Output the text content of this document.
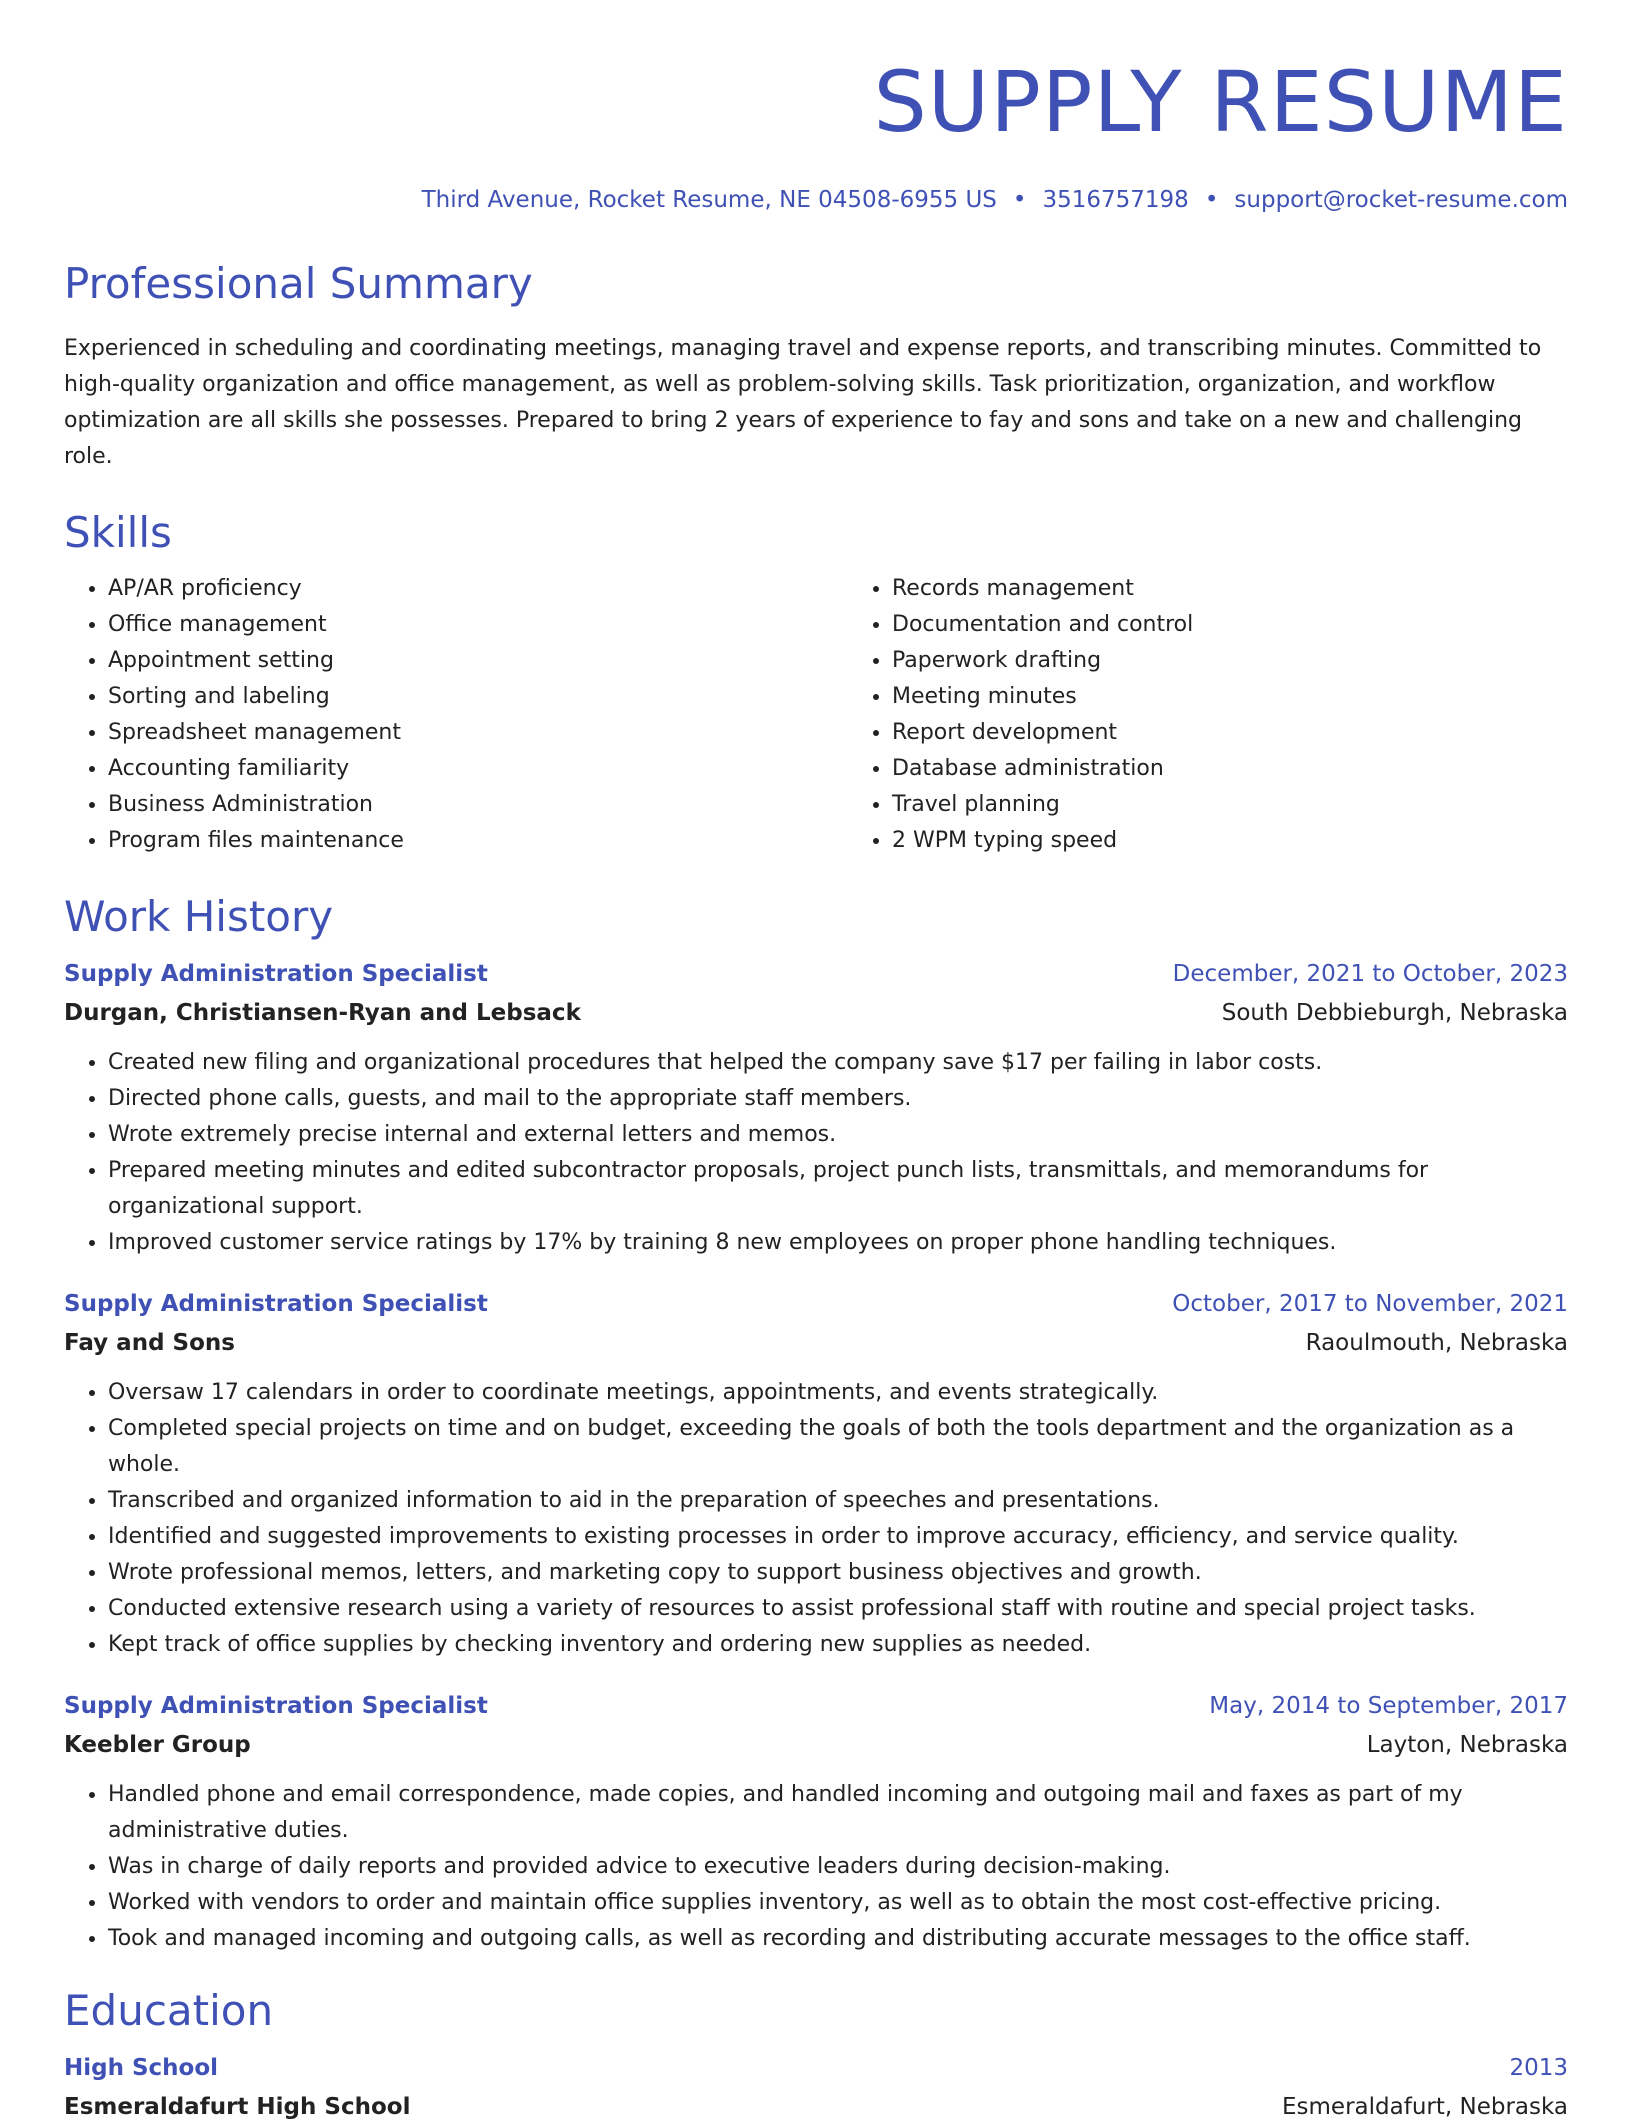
SUPPLY RESUME
Third Avenue, Rocket Resume, NE 04508-6955 US • 3516757198 • support@rocket-resume.com
Professional Summary

Experienced in scheduling and coordinating meetings, managing travel and expense reports, and transcribing minutes. Committed to high-quality organization and office management, as well as problem-solving skills. Task prioritization, organization, and workflow optimization are all skills she possesses. Prepared to bring 2 years of experience to fay and sons and take on a new and challenging role.

Skills
• AP/AR proficiency
• Office management
• Appointment setting
• Sorting and labeling
• Spreadsheet management
• Accounting familiarity
• Business Administration
• Program files maintenance
• Records management
• Documentation and control
• Paperwork drafting
• Meeting minutes
• Report development
• Database administration
• Travel planning
• 2 WPM typing speed
Work History
Supply Administration Specialist	December, 2021 to October, 2023
Durgan, Christiansen-Ryan and Lebsack	South Debbieburgh, Nebraska
• Created new filing and organizational procedures that helped the company save $17 per failing in labor costs.
• Directed phone calls, guests, and mail to the appropriate staff members.
• Wrote extremely precise internal and external letters and memos.
• Prepared meeting minutes and edited subcontractor proposals, project punch lists, transmittals, and memorandums for organizational support.
• Improved customer service ratings by 17% by training 8 new employees on proper phone handling techniques.
Supply Administration Specialist	October, 2017 to November, 2021
Fay and Sons	Raoulmouth, Nebraska
• Oversaw 17 calendars in order to coordinate meetings, appointments, and events strategically.
• Completed special projects on time and on budget, exceeding the goals of both the tools department and the organization as a whole.
• Transcribed and organized information to aid in the preparation of speeches and presentations.
• Identified and suggested improvements to existing processes in order to improve accuracy, efficiency, and service quality.
• Wrote professional memos, letters, and marketing copy to support business objectives and growth.
• Conducted extensive research using a variety of resources to assist professional staff with routine and special project tasks.
• Kept track of office supplies by checking inventory and ordering new supplies as needed.
Supply Administration Specialist	May, 2014 to September, 2017
Keebler Group	Layton, Nebraska
• Handled phone and email correspondence, made copies, and handled incoming and outgoing mail and faxes as part of my administrative duties.
• Was in charge of daily reports and provided advice to executive leaders during decision-making.
• Worked with vendors to order and maintain office supplies inventory, as well as to obtain the most cost-effective pricing.
• Took and managed incoming and outgoing calls, as well as recording and distributing accurate messages to the office staff.
Education
High School	2013
Esmeraldafurt High School	Esmeraldafurt, Nebraska
